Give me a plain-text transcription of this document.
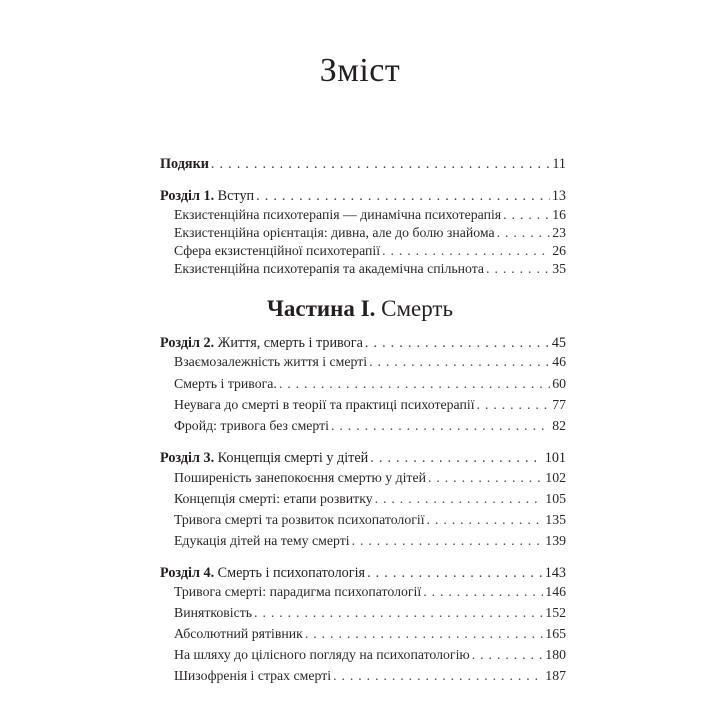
Зміст
Подяки . . .	11
Розділ 1. Вступ . . .	13
Екзистенційна психотерапія — динамічна психотерапія . . .	16
Екзистенційна орієнтація: дивна, але до болю знайома . . .	23
Сфера екзистенційної психотерапії . . .	26
Екзистенційна психотерапія та академічна спільнота . . .	35
Частина I. Смерть
Розділ 2. Життя, смерть і тривога . . .	45
Взаємозалежність життя і смерті . . .	46
Смерть і тривога. . . .	60
Неувага до смерті в теорії та практиці психотерапії . . .	77
Фройд: тривога без смерті . . .	82
Розділ 3. Концепція смерті у дітей . . .	101
Поширеність занепокоєння смертю у дітей . . .	102
Концепція смерті: етапи розвитку . . .	105
Тривога смерті та розвиток психопатології . . .	135
Едукація дітей на тему смерті . . .	139
Розділ 4. Смерть і психопатологія . . .	143
Тривога смерті: парадигма психопатології . . .	146
Винятковість . . .	152
Абсолютний рятівник . . .	165
На шляху до цілісного погляду на психопатологію . . .	180
Шизофренія і страх смерті . . .	187
